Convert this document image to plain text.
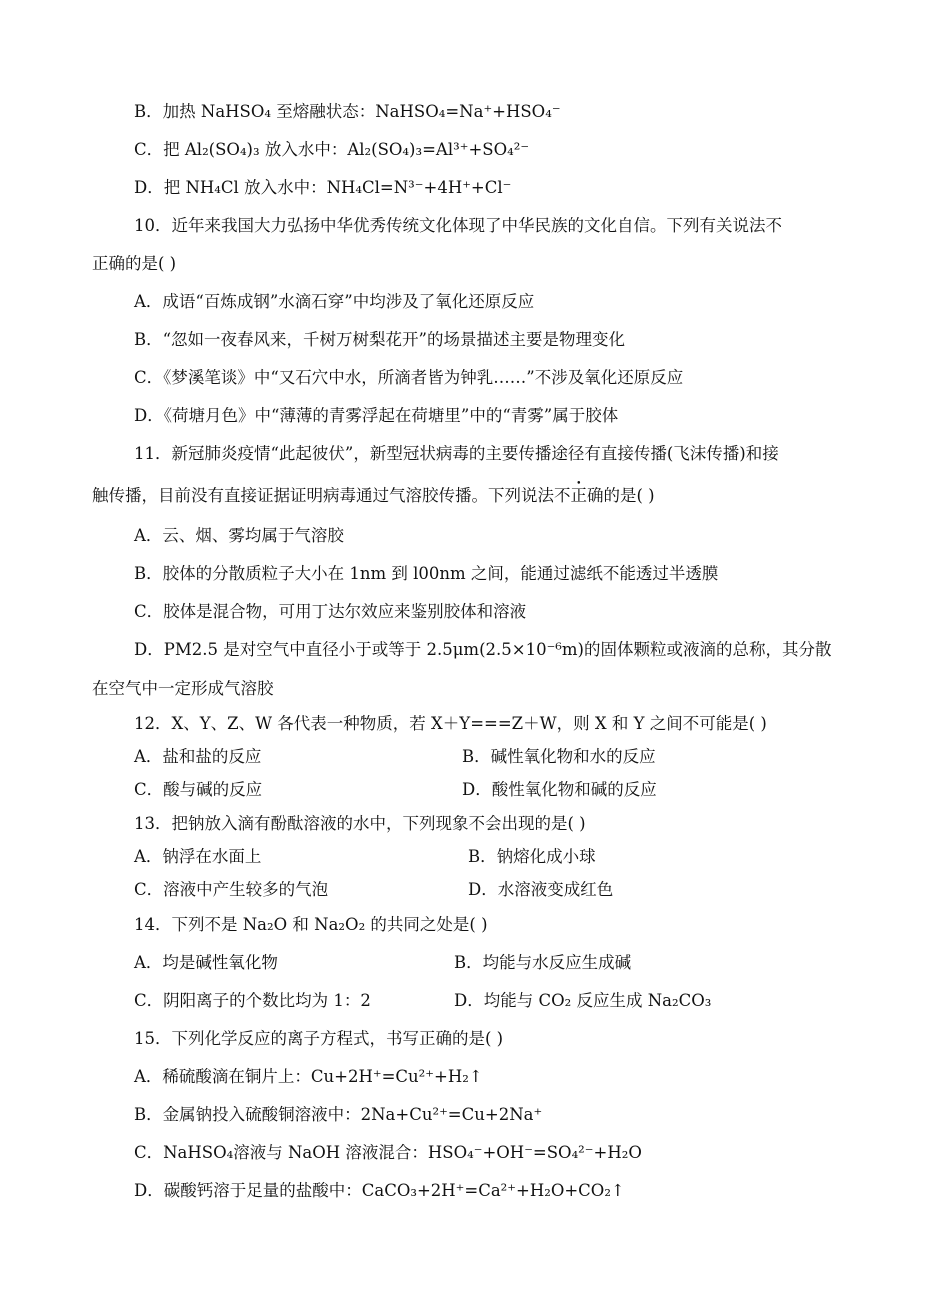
B．加热 NaHSO₄ 至熔融状态：NaHSO₄=Na⁺+HSO₄⁻
C．把 Al₂(SO₄)₃ 放入水中：Al₂(SO₄)₃=Al³⁺+SO₄²⁻
D．把 NH₄Cl 放入水中：NH₄Cl=N³⁻+4H⁺+Cl⁻
10．近年来我国大力弘扬中华优秀传统文化体现了中华民族的文化自信。下列有关说法不
正确的是( )
A．成语“百炼成钢”水滴石穿”中均涉及了氧化还原反应
B．“忽如一夜春风来，千树万树梨花开”的场景描述主要是物理变化
C．《梦溪笔谈》中“又石穴中水，所滴者皆为钟乳……”不涉及氧化还原反应
D．《荷塘月色》中“薄薄的青雾浮起在荷塘里”中的“青雾”属于胶体
11．新冠肺炎疫情“此起彼伏”，新型冠状病毒的主要传播途径有直接传播(飞沫传播)和接
触传播，目前没有直接证据证明病毒通过气溶胶传播。下列说法不正确的是( )
A．云、烟、雾均属于气溶胶
B．胶体的分散质粒子大小在 1nm 到 l00nm 之间，能通过滤纸不能透过半透膜
C．胶体是混合物，可用丁达尔效应来鉴别胶体和溶液
D．PM2.5 是对空气中直径小于或等于 2.5μm(2.5×10⁻⁶m)的固体颗粒或液滴的总称，其分散
在空气中一定形成气溶胶
12．X、Y、Z、W 各代表一种物质，若 X＋Y===Z＋W，则 X 和 Y 之间不可能是( )
A．盐和盐的反应	B．碱性氧化物和水的反应
C．酸与碱的反应	D．酸性氧化物和碱的反应
13．把钠放入滴有酚酞溶液的水中，下列现象不会出现的是( )
A．钠浮在水面上	B．钠熔化成小球
C．溶液中产生较多的气泡	D．水溶液变成红色
14．下列不是 Na₂O 和 Na₂O₂ 的共同之处是( )
A．均是碱性氧化物	B．均能与水反应生成碱
C．阴阳离子的个数比均为 1：2	D．均能与 CO₂ 反应生成 Na₂CO₃
15．下列化学反应的离子方程式，书写正确的是( )
A．稀硫酸滴在铜片上：Cu+2H⁺=Cu²⁺+H₂↑
B．金属钠投入硫酸铜溶液中：2Na+Cu²⁺=Cu+2Na⁺
C．NaHSO₄溶液与 NaOH 溶液混合：HSO₄⁻+OH⁻=SO₄²⁻+H₂O
D．碳酸钙溶于足量的盐酸中：CaCO₃+2H⁺=Ca²⁺+H₂O+CO₂↑
